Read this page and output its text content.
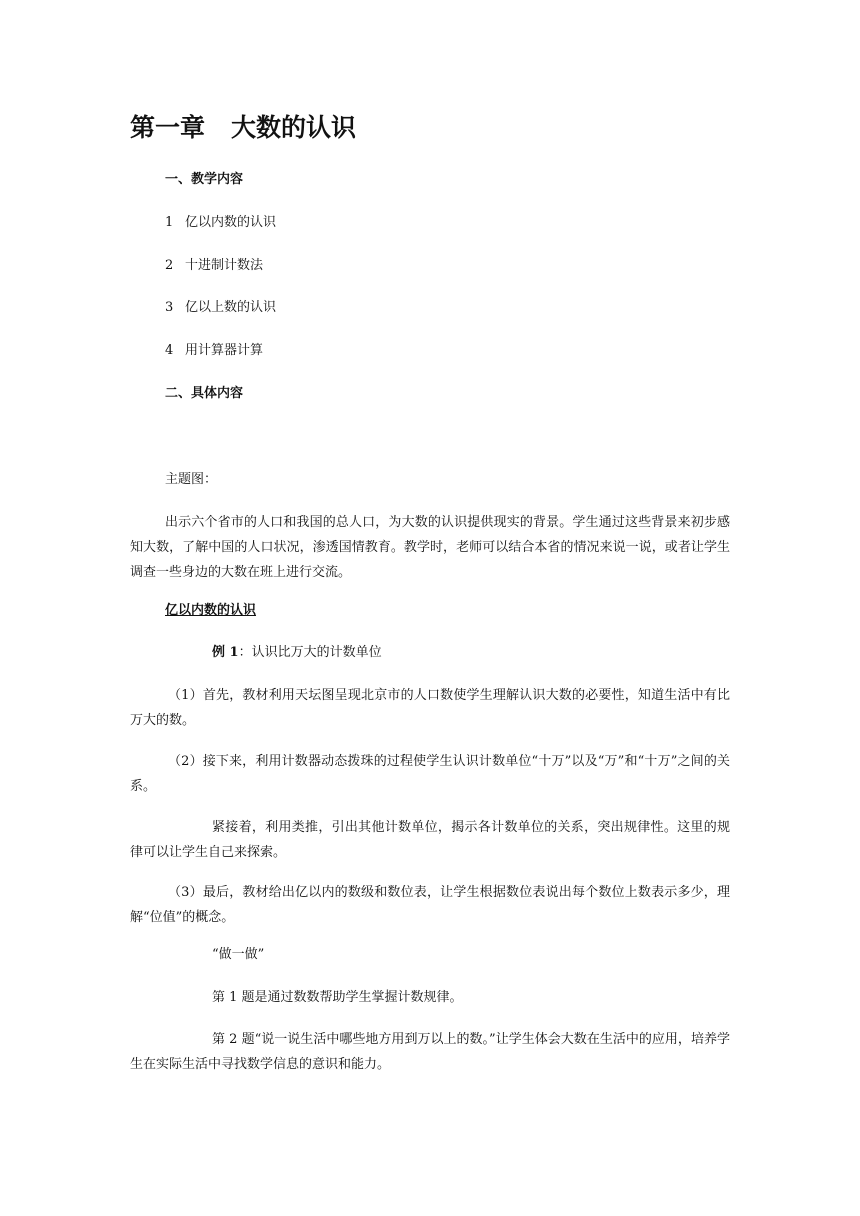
第一章 大数的认识
一、教学内容
1 亿以内数的认识
2 十进制计数法
3 亿以上数的认识
4 用计算器计算
二、具体内容
主题图：
出示六个省市的人口和我国的总人口，为大数的认识提供现实的背景。学生通过这些背景来初步感知大数，了解中国的人口状况，渗透国情教育。教学时，老师可以结合本省的情况来说一说，或者让学生调查一些身边的大数在班上进行交流。
亿以内数的认识
例 1：认识比万大的计数单位
（1）首先，教材利用天坛图呈现北京市的人口数使学生理解认识大数的必要性，知道生活中有比万大的数。
（2）接下来，利用计数器动态拨珠的过程使学生认识计数单位“十万”以及“万”和“十万”之间的关系。
紧接着，利用类推，引出其他计数单位，揭示各计数单位的关系，突出规律性。这里的规律可以让学生自己来探索。
（3）最后，教材给出亿以内的数级和数位表，让学生根据数位表说出每个数位上数表示多少，理解“位值”的概念。
“做一做”
第 1 题是通过数数帮助学生掌握计数规律。
第 2 题“说一说生活中哪些地方用到万以上的数。”让学生体会大数在生活中的应用，培养学生在实际生活中寻找数学信息的意识和能力。
